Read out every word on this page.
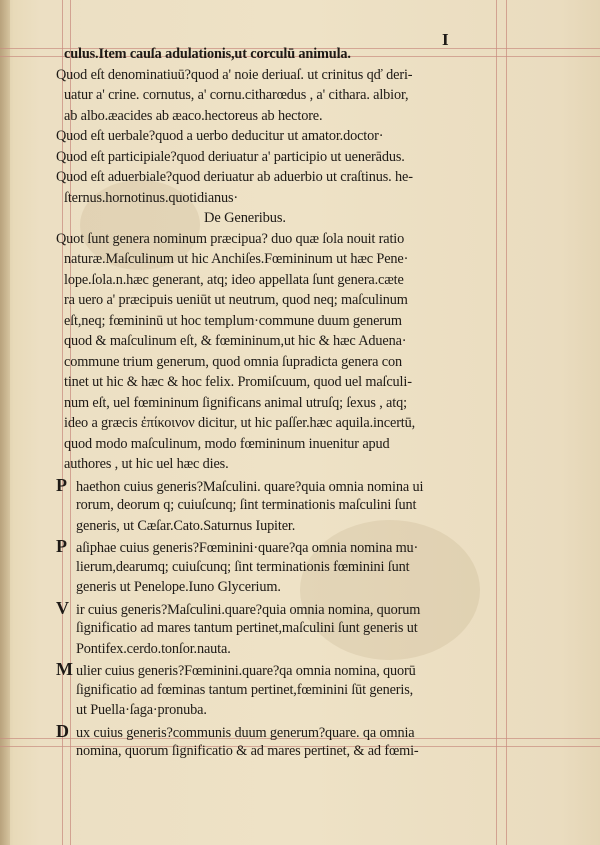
I
culus.Item cauſa adulationis,ut corculū animula.
Quod eſt denominatiuū?quod a' noie deriuaſ. ut crinitus qď deri-
uatur a' crine. cornutus, a' cornu.citharœdus , a' cithara. albior,
ab albo.æacides ab æaco.hectoreus ab hectore.
Quod eſt uerbale?quod a uerbo deducitur ut amator.doctor·
Quod eſt participiale?quod deriuatur a' participio ut uenerādus.
Quod eſt aduerbiale?quod deriuatur ab aduerbio ut craſtinus. he-
ſternus.hornotinus.quotidianus·
De Generibus.
Quot ſunt genera nominum præcipua? duo quæ ſola nouit ratio
naturæ.Maſculinum ut hic Anchiſes.Fœmininum ut hæc Pene·
lope.ſola.n.hæc generant, atq; ideo appellata ſunt genera.cæte
ra uero a' præcipuis ueniūt ut neutrum, quod neq; maſculinum
eſt,neq; fœmininū ut hoc templum·commune duum generum
quod & maſculinum eſt, & fœmininum,ut hic & hæc Aduena·
commune trium generum, quod omnia ſupradicta genera con
tinet ut hic & hæc & hoc felix. Promiſcuum, quod uel maſculi-
num eſt, uel fœmininum ſignificans animal utruſq; ſexus , atq;
ideo a græcis ἐπίκοινον dicitur, ut hic paſſer.hæc aquila.incertū,
quod modo maſculinum, modo fœmininum inuenitur apud
authores , ut hic uel hæc dies.
P haethon cuius generis?Maſculini. quare?quia omnia nomina ui
rorum, deorum q; cuiuſcunq; ſint terminationis maſculini ſunt
generis, ut Cæſar.Cato.Saturnus Iupiter.
P aſiphae cuius generis?Fœminini·quare?qa omnia nomina mu·
lierum,dearumq; cuiuſcunq; ſint terminationis fœminini ſunt
generis ut Penelope.Iuno Glycerium.
V ir cuius generis?Maſculini.quare?quia omnia nomina, quorum
ſignificatio ad mares tantum pertinet,maſculini ſunt generis ut
Pontifex.cerdo.tonſor.nauta.
M ulier cuius generis?Fœminini.quare?qa omnia nomina, quorū
ſignificatio ad fœminas tantum pertinet,fœminini ſūt generis,
ut Puella·ſaga·pronuba.
D ux cuius generis?communis duum generum?quare. qa omnia
nomina, quorum ſignificatio & ad mares pertinet, & ad fœmi-
